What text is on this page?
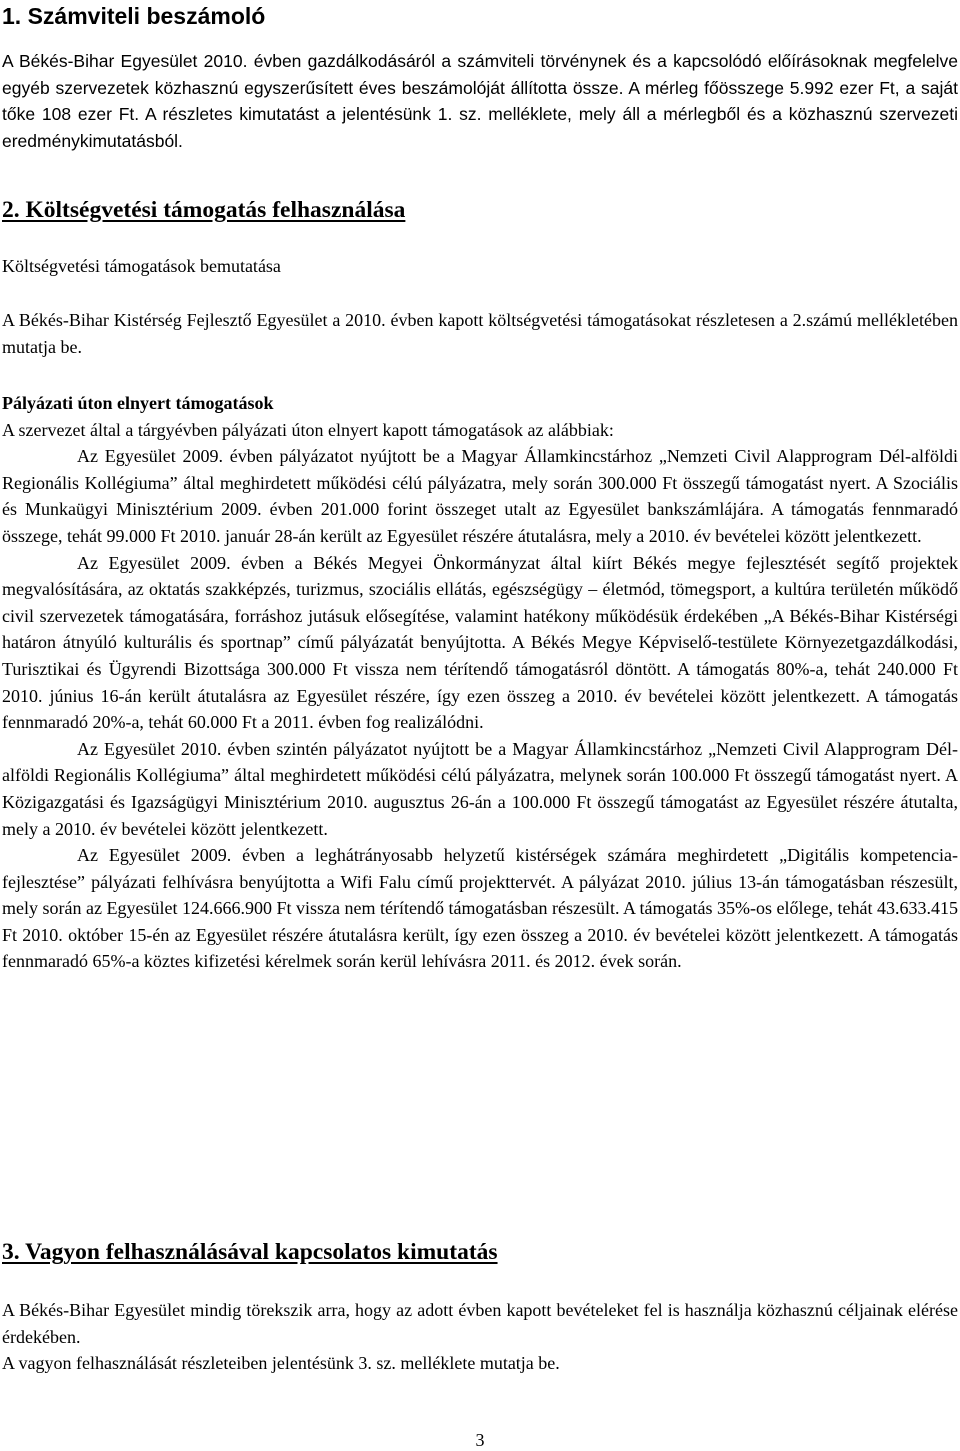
1. Számviteli beszámoló

A Békés-Bihar Egyesület 2010. évben gazdálkodásáról a számviteli törvénynek és a kapcsolódó előírásoknak megfelelve egyéb szervezetek közhasznú egyszerűsített éves beszámolóját állította össze. A mérleg főösszege 5.992 ezer Ft, a saját tőke 108 ezer Ft. A részletes kimutatást a jelentésünk 1. sz. melléklete, mely áll a mérlegből és a közhasznú szervezeti eredménykimutatásból.

2. Költségvetési támogatás felhasználása

Költségvetési támogatások bemutatása

A Békés-Bihar Kistérség Fejlesztő Egyesület a 2010. évben kapott költségvetési támogatásokat részletesen a 2.számú mellékletében mutatja be.

Pályázati úton elnyert támogatások

A szervezet által a tárgyévben pályázati úton elnyert kapott támogatások az alábbiak:

Az Egyesület 2009. évben pályázatot nyújtott be a Magyar Államkincstárhoz „Nemzeti Civil Alapprogram Dél-alföldi Regionális Kollégiuma” által meghirdetett működési célú pályázatra, mely során 300.000 Ft összegű támogatást nyert. A Szociális és Munkaügyi Minisztérium 2009. évben 201.000 forint összeget utalt az Egyesület bankszámlájára. A támogatás fennmaradó összege, tehát 99.000 Ft 2010. január 28-án került az Egyesület részére átutalásra, mely a 2010. év bevételei között jelentkezett.

Az Egyesület 2009. évben a Békés Megyei Önkormányzat által kiírt Békés megye fejlesztését segítő projektek megvalósítására, az oktatás szakképzés, turizmus, szociális ellátás, egészségügy – életmód, tömegsport, a kultúra területén működő civil szervezetek támogatására, forráshoz jutásuk elősegítése, valamint hatékony működésük érdekében „A Békés-Bihar Kistérségi határon átnyúló kulturális és sportnap” című pályázatát benyújtotta. A Békés Megye Képviselő-testülete Környezetgazdálkodási, Turisztikai és Ügyrendi Bizottsága 300.000 Ft vissza nem térítendő támogatásról döntött. A támogatás 80%-a, tehát 240.000 Ft 2010. június 16-án került átutalásra az Egyesület részére, így ezen összeg a 2010. év bevételei között jelentkezett. A támogatás fennmaradó 20%-a, tehát 60.000 Ft a 2011. évben fog realizálódni.

Az Egyesület 2010. évben szintén pályázatot nyújtott be a Magyar Államkincstárhoz „Nemzeti Civil Alapprogram Dél-alföldi Regionális Kollégiuma” által meghirdetett működési célú pályázatra, melynek során 100.000 Ft összegű támogatást nyert. A Közigazgatási és Igazságügyi Minisztérium 2010. augusztus 26-án a 100.000 Ft összegű támogatást az Egyesület részére átutalta, mely a 2010. év bevételei között jelentkezett.

Az Egyesület 2009. évben a leghátrányosabb helyzetű kistérségek számára meghirdetett „Digitális kompetencia-fejlesztése” pályázati felhívásra benyújtotta a Wifi Falu című projekttervét. A pályázat 2010. július 13-án támogatásban részesült, mely során az Egyesület 124.666.900 Ft vissza nem térítendő támogatásban részesült. A támogatás 35%-os előlege, tehát 43.633.415 Ft 2010. október 15-én az Egyesület részére átutalásra került, így ezen összeg a 2010. év bevételei között jelentkezett. A támogatás fennmaradó 65%-a köztes kifizetési kérelmek során kerül lehívásra 2011. és 2012. évek során.

3. Vagyon felhasználásával kapcsolatos kimutatás

A Békés-Bihar Egyesület mindig törekszik arra, hogy az adott évben kapott bevételeket fel is használja közhasznú céljainak elérése érdekében.

A vagyon felhasználását részleteiben jelentésünk 3. sz. melléklete mutatja be.

3
